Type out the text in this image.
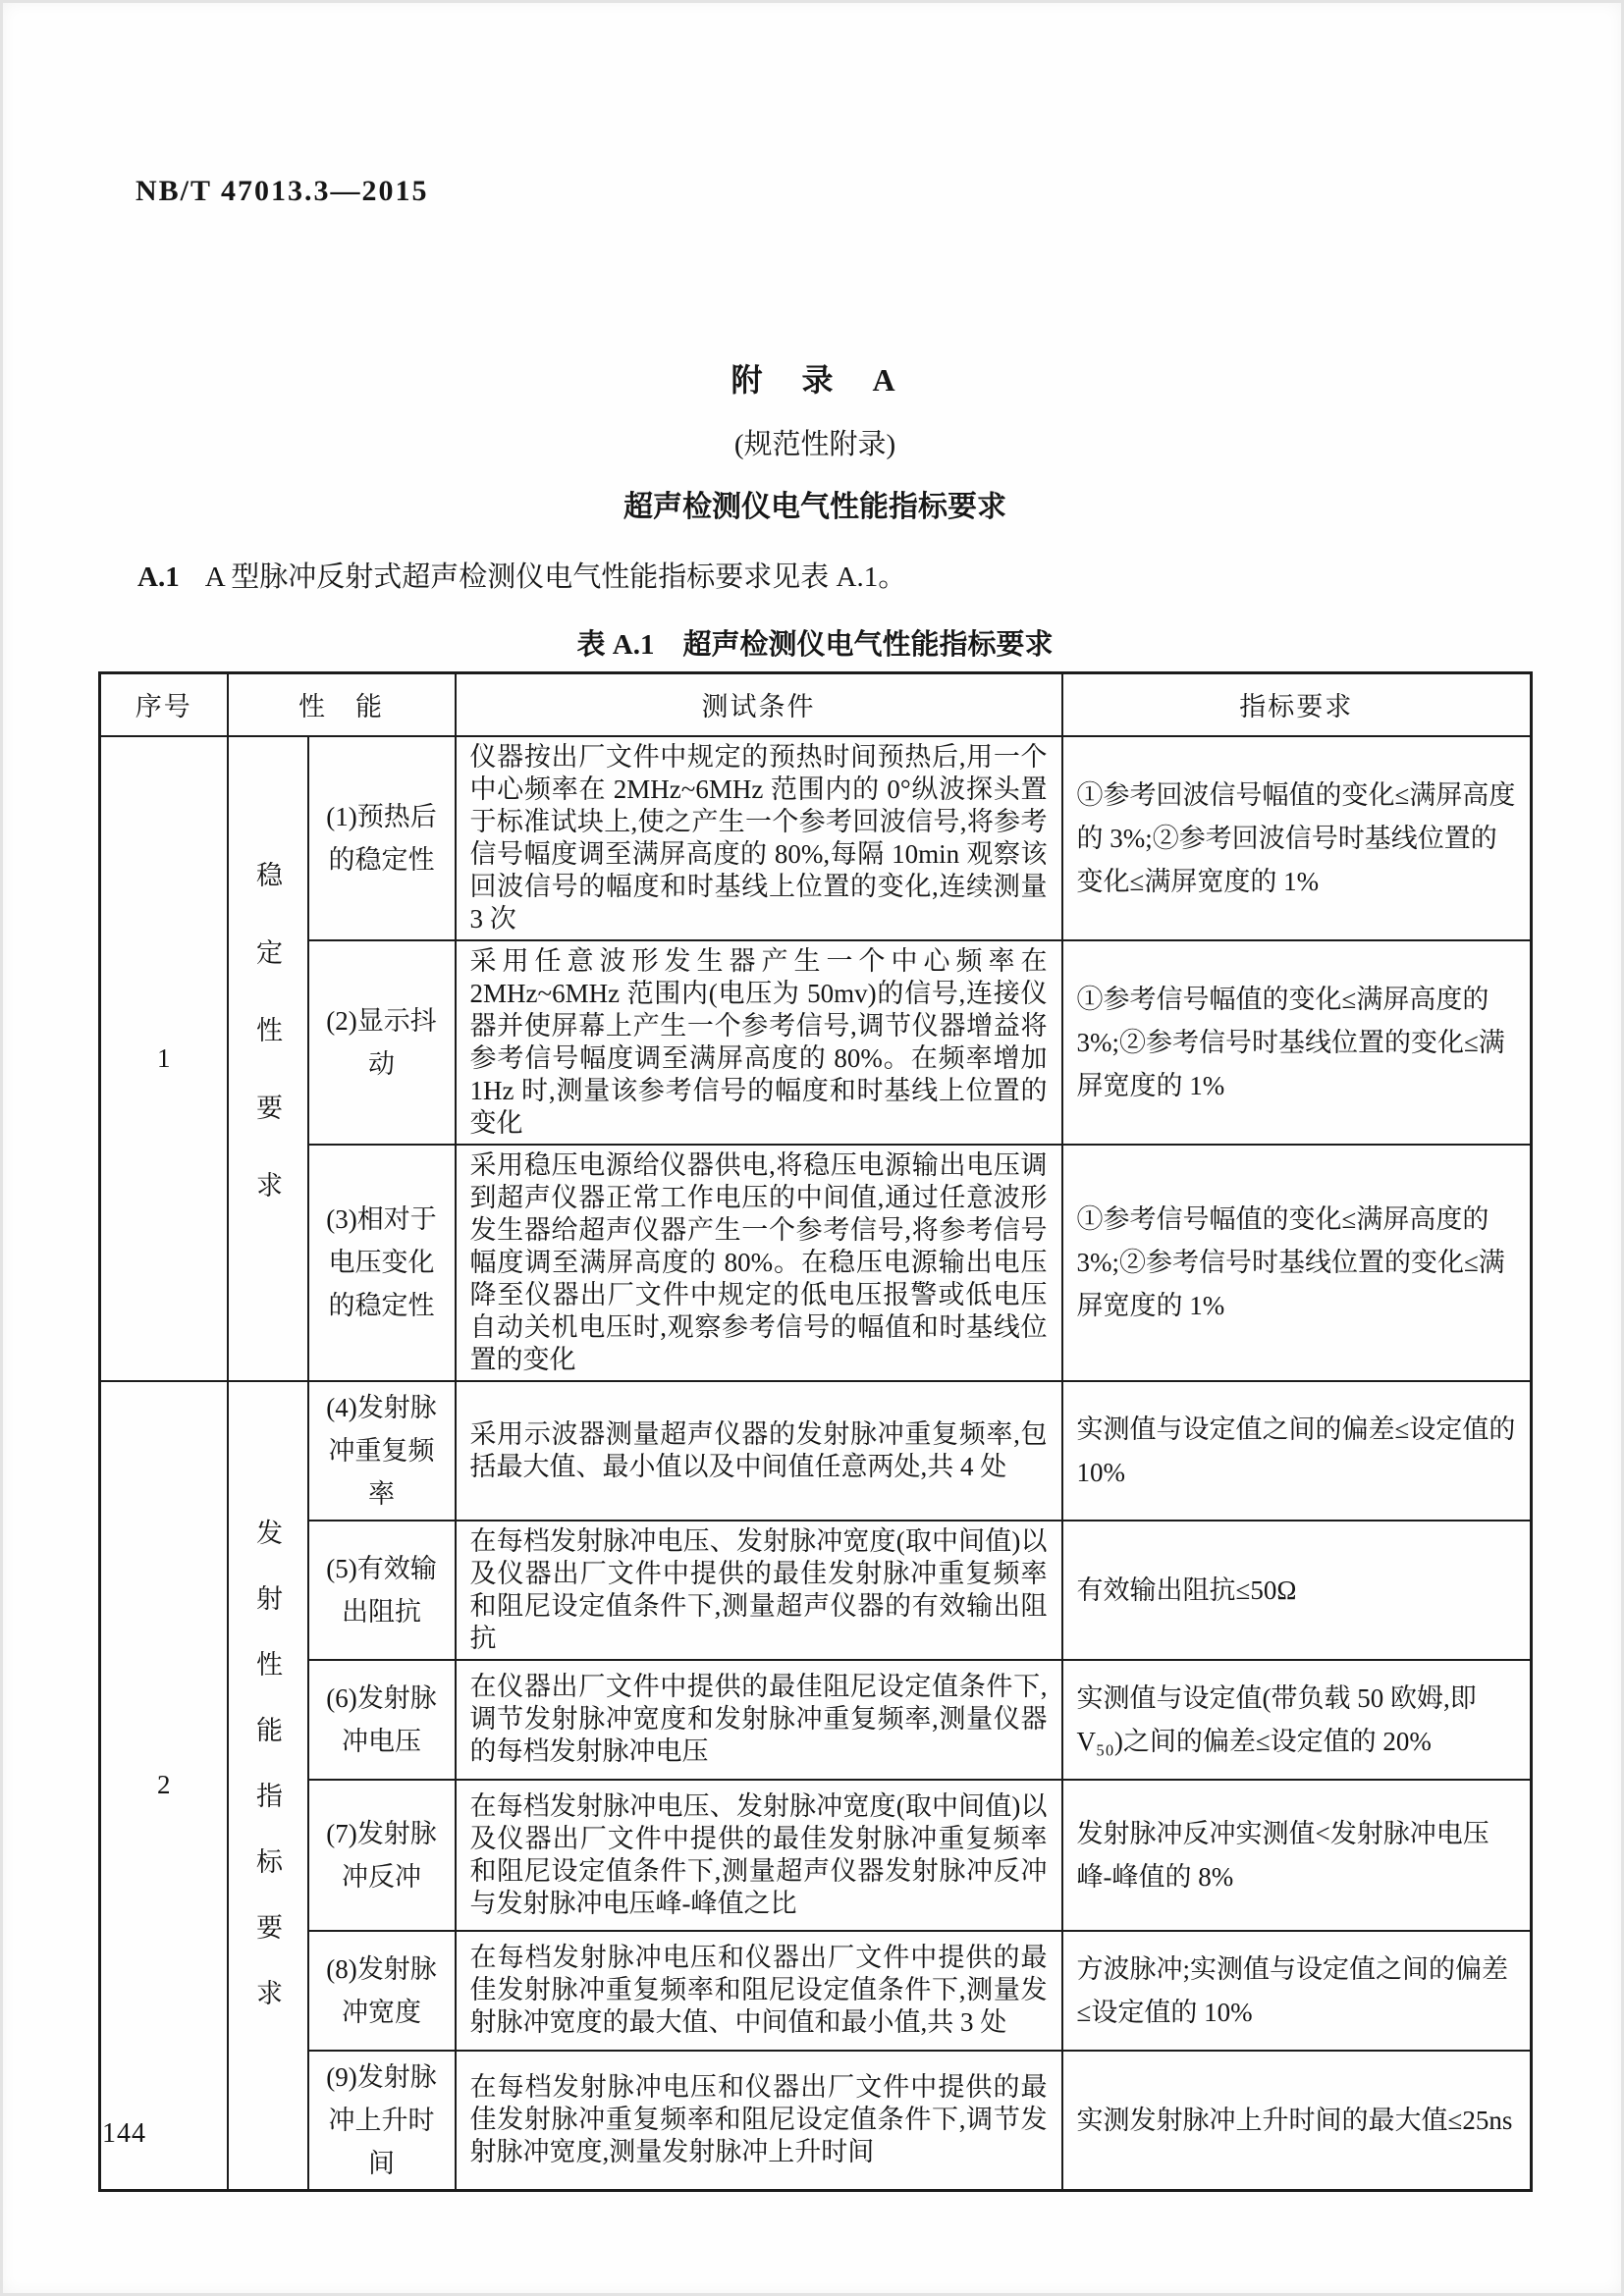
NB/T 47013.3—2015

附　录　A

(规范性附录)

超声检测仪电气性能指标要求

A.1 A 型脉冲反射式超声检测仪电气性能指标要求见表 A.1。
表 A.1　超声检测仪电气性能指标要求
序号	性　能		测试条件	指标要求
1	稳定性要求	(1)预热后的稳定性	仪器按出厂文件中规定的预热时间预热后,用一个中心频率在 2MHz~6MHz 范围内的 0°纵波探头置于标准试块上,使之产生一个参考回波信号,将参考信号幅度调至满屏高度的 80%,每隔 10min 观察该回波信号的幅度和时基线上位置的变化,连续测量 3 次	①参考回波信号幅值的变化≤满屏高度的 3%;②参考回波信号时基线位置的变化≤满屏宽度的 1%
		(2)显示抖动	采用任意波形发生器产生一个中心频率在 2MHz~6MHz 范围内(电压为 50mv)的信号,连接仪器并使屏幕上产生一个参考信号,调节仪器增益将参考信号幅度调至满屏高度的 80%。在频率增加 1Hz 时,测量该参考信号的幅度和时基线上位置的变化	①参考信号幅值的变化≤满屏高度的 3%;②参考信号时基线位置的变化≤满屏宽度的 1%
		(3)相对于电压变化的稳定性	采用稳压电源给仪器供电,将稳压电源输出电压调到超声仪器正常工作电压的中间值,通过任意波形发生器给超声仪器产生一个参考信号,将参考信号幅度调至满屏高度的 80%。在稳压电源输出电压降至仪器出厂文件中规定的低电压报警或低电压自动关机电压时,观察参考信号的幅值和时基线位置的变化	①参考信号幅值的变化≤满屏高度的 3%;②参考信号时基线位置的变化≤满屏宽度的 1%
2	发射性能指标要求	(4)发射脉冲重复频率	采用示波器测量超声仪器的发射脉冲重复频率,包括最大值、最小值以及中间值任意两处,共 4 处	实测值与设定值之间的偏差≤设定值的 10%
		(5)有效输出阻抗	在每档发射脉冲电压、发射脉冲宽度(取中间值)以及仪器出厂文件中提供的最佳发射脉冲重复频率和阻尼设定值条件下,测量超声仪器的有效输出阻抗	有效输出阻抗≤50Ω
		(6)发射脉冲电压	在仪器出厂文件中提供的最佳阻尼设定值条件下,调节发射脉冲宽度和发射脉冲重复频率,测量仪器的每档发射脉冲电压	实测值与设定值(带负载 50 欧姆,即 V₅₀)之间的偏差≤设定值的 20%
		(7)发射脉冲反冲	在每档发射脉冲电压、发射脉冲宽度(取中间值)以及仪器出厂文件中提供的最佳发射脉冲重复频率和阻尼设定值条件下,测量超声仪器发射脉冲反冲与发射脉冲电压峰-峰值之比	发射脉冲反冲实测值<发射脉冲电压峰-峰值的 8%
		(8)发射脉冲宽度	在每档发射脉冲电压和仪器出厂文件中提供的最佳发射脉冲重复频率和阻尼设定值条件下,测量发射脉冲宽度的最大值、中间值和最小值,共 3 处	方波脉冲;实测值与设定值之间的偏差≤设定值的 10%
		(9)发射脉冲上升时间	在每档发射脉冲电压和仪器出厂文件中提供的最佳发射脉冲重复频率和阻尼设定值条件下,调节发射脉冲宽度,测量发射脉冲上升时间	实测发射脉冲上升时间的最大值≤25ns
144
